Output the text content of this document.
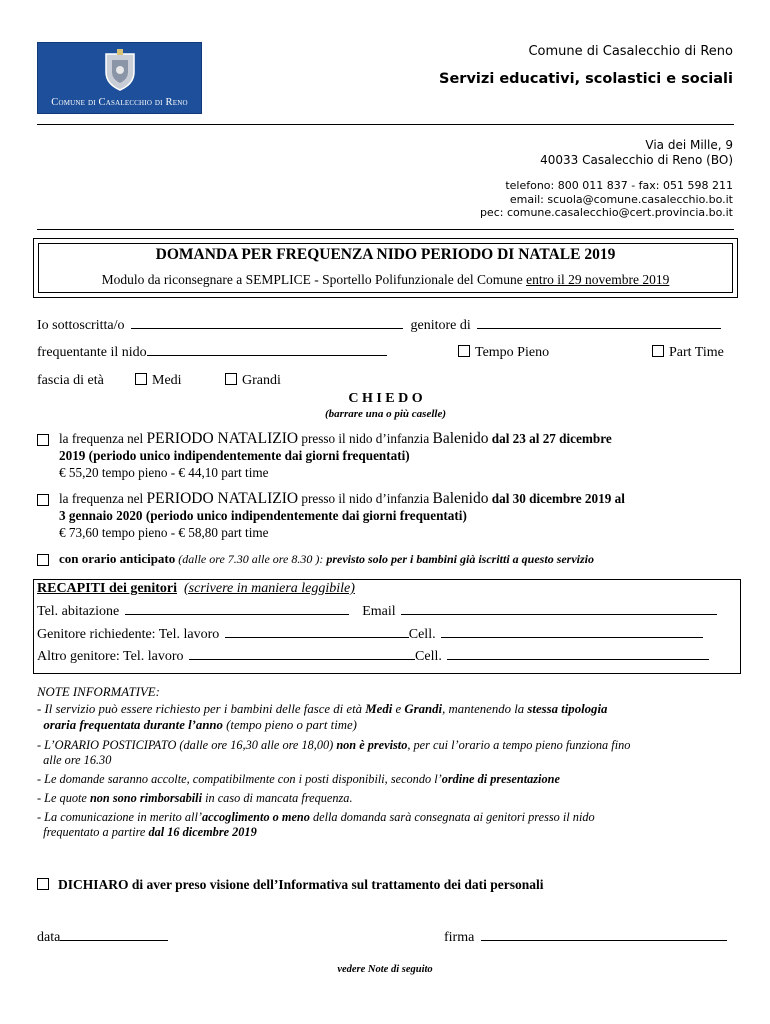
Comune di Casalecchio di Reno
Comune di Casalecchio di Reno
Servizi educativi, scolastici e sociali
Via dei Mille, 9
40033 Casalecchio di Reno (BO)
telefono: 800 011 837 - fax: 051 598 211
email: scuola@comune.casalecchio.bo.it
pec: comune.casalecchio@cert.provincia.bo.it
DOMANDA PER FREQUENZA NIDO PERIODO DI NATALE 2019
Modulo da riconsegnare a SEMPLICE - Sportello Polifunzionale del Comune entro il 29 novembre 2019
Io sottoscritta/o	genitore di
frequentante il nido	Tempo Pieno	Part Time
fascia di età	Medi	Grandi
C H I E D O
(barrare una o più caselle)
la frequenza nel PERIODO NATALIZIO presso il nido d’infanzia Balenido dal 23 al 27 dicembre
2019 (periodo unico indipendentemente dai giorni frequentati)
€ 55,20 tempo pieno - € 44,10 part time
la frequenza nel PERIODO NATALIZIO presso il nido d’infanzia Balenido dal 30 dicembre 2019 al
3 gennaio 2020 (periodo unico indipendentemente dai giorni frequentati)
€ 73,60 tempo pieno - € 58,80 part time
con orario anticipato (dalle ore 7.30 alle ore 8.30 ): previsto solo per i bambini già iscritti a questo servizio
RECAPITI dei genitori (scrivere in maniera leggibile)
Tel. abitazione	Email
Genitore richiedente: Tel. lavoro	Cell.
Altro genitore: Tel. lavoro	Cell.
NOTE INFORMATIVE:
- Il servizio può essere richiesto per i bambini delle fasce di età Medi e Grandi, mantenendo la stessa tipologia
oraria frequentata durante l’anno (tempo pieno o part time)
- L’ORARIO POSTICIPATO (dalle ore 16,30 alle ore 18,00) non è previsto, per cui l’orario a tempo pieno funziona fino
alle ore 16.30
- Le domande saranno accolte, compatibilmente con i posti disponibili, secondo l’ordine di presentazione
- Le quote non sono rimborsabili in caso di mancata frequenza.
- La comunicazione in merito all’accoglimento o meno della domanda sarà consegnata ai genitori presso il nido
frequentato a partire dal 16 dicembre 2019
DICHIARO di aver preso visione dell’Informativa sul trattamento dei dati personali
data	firma
vedere Note di seguito
